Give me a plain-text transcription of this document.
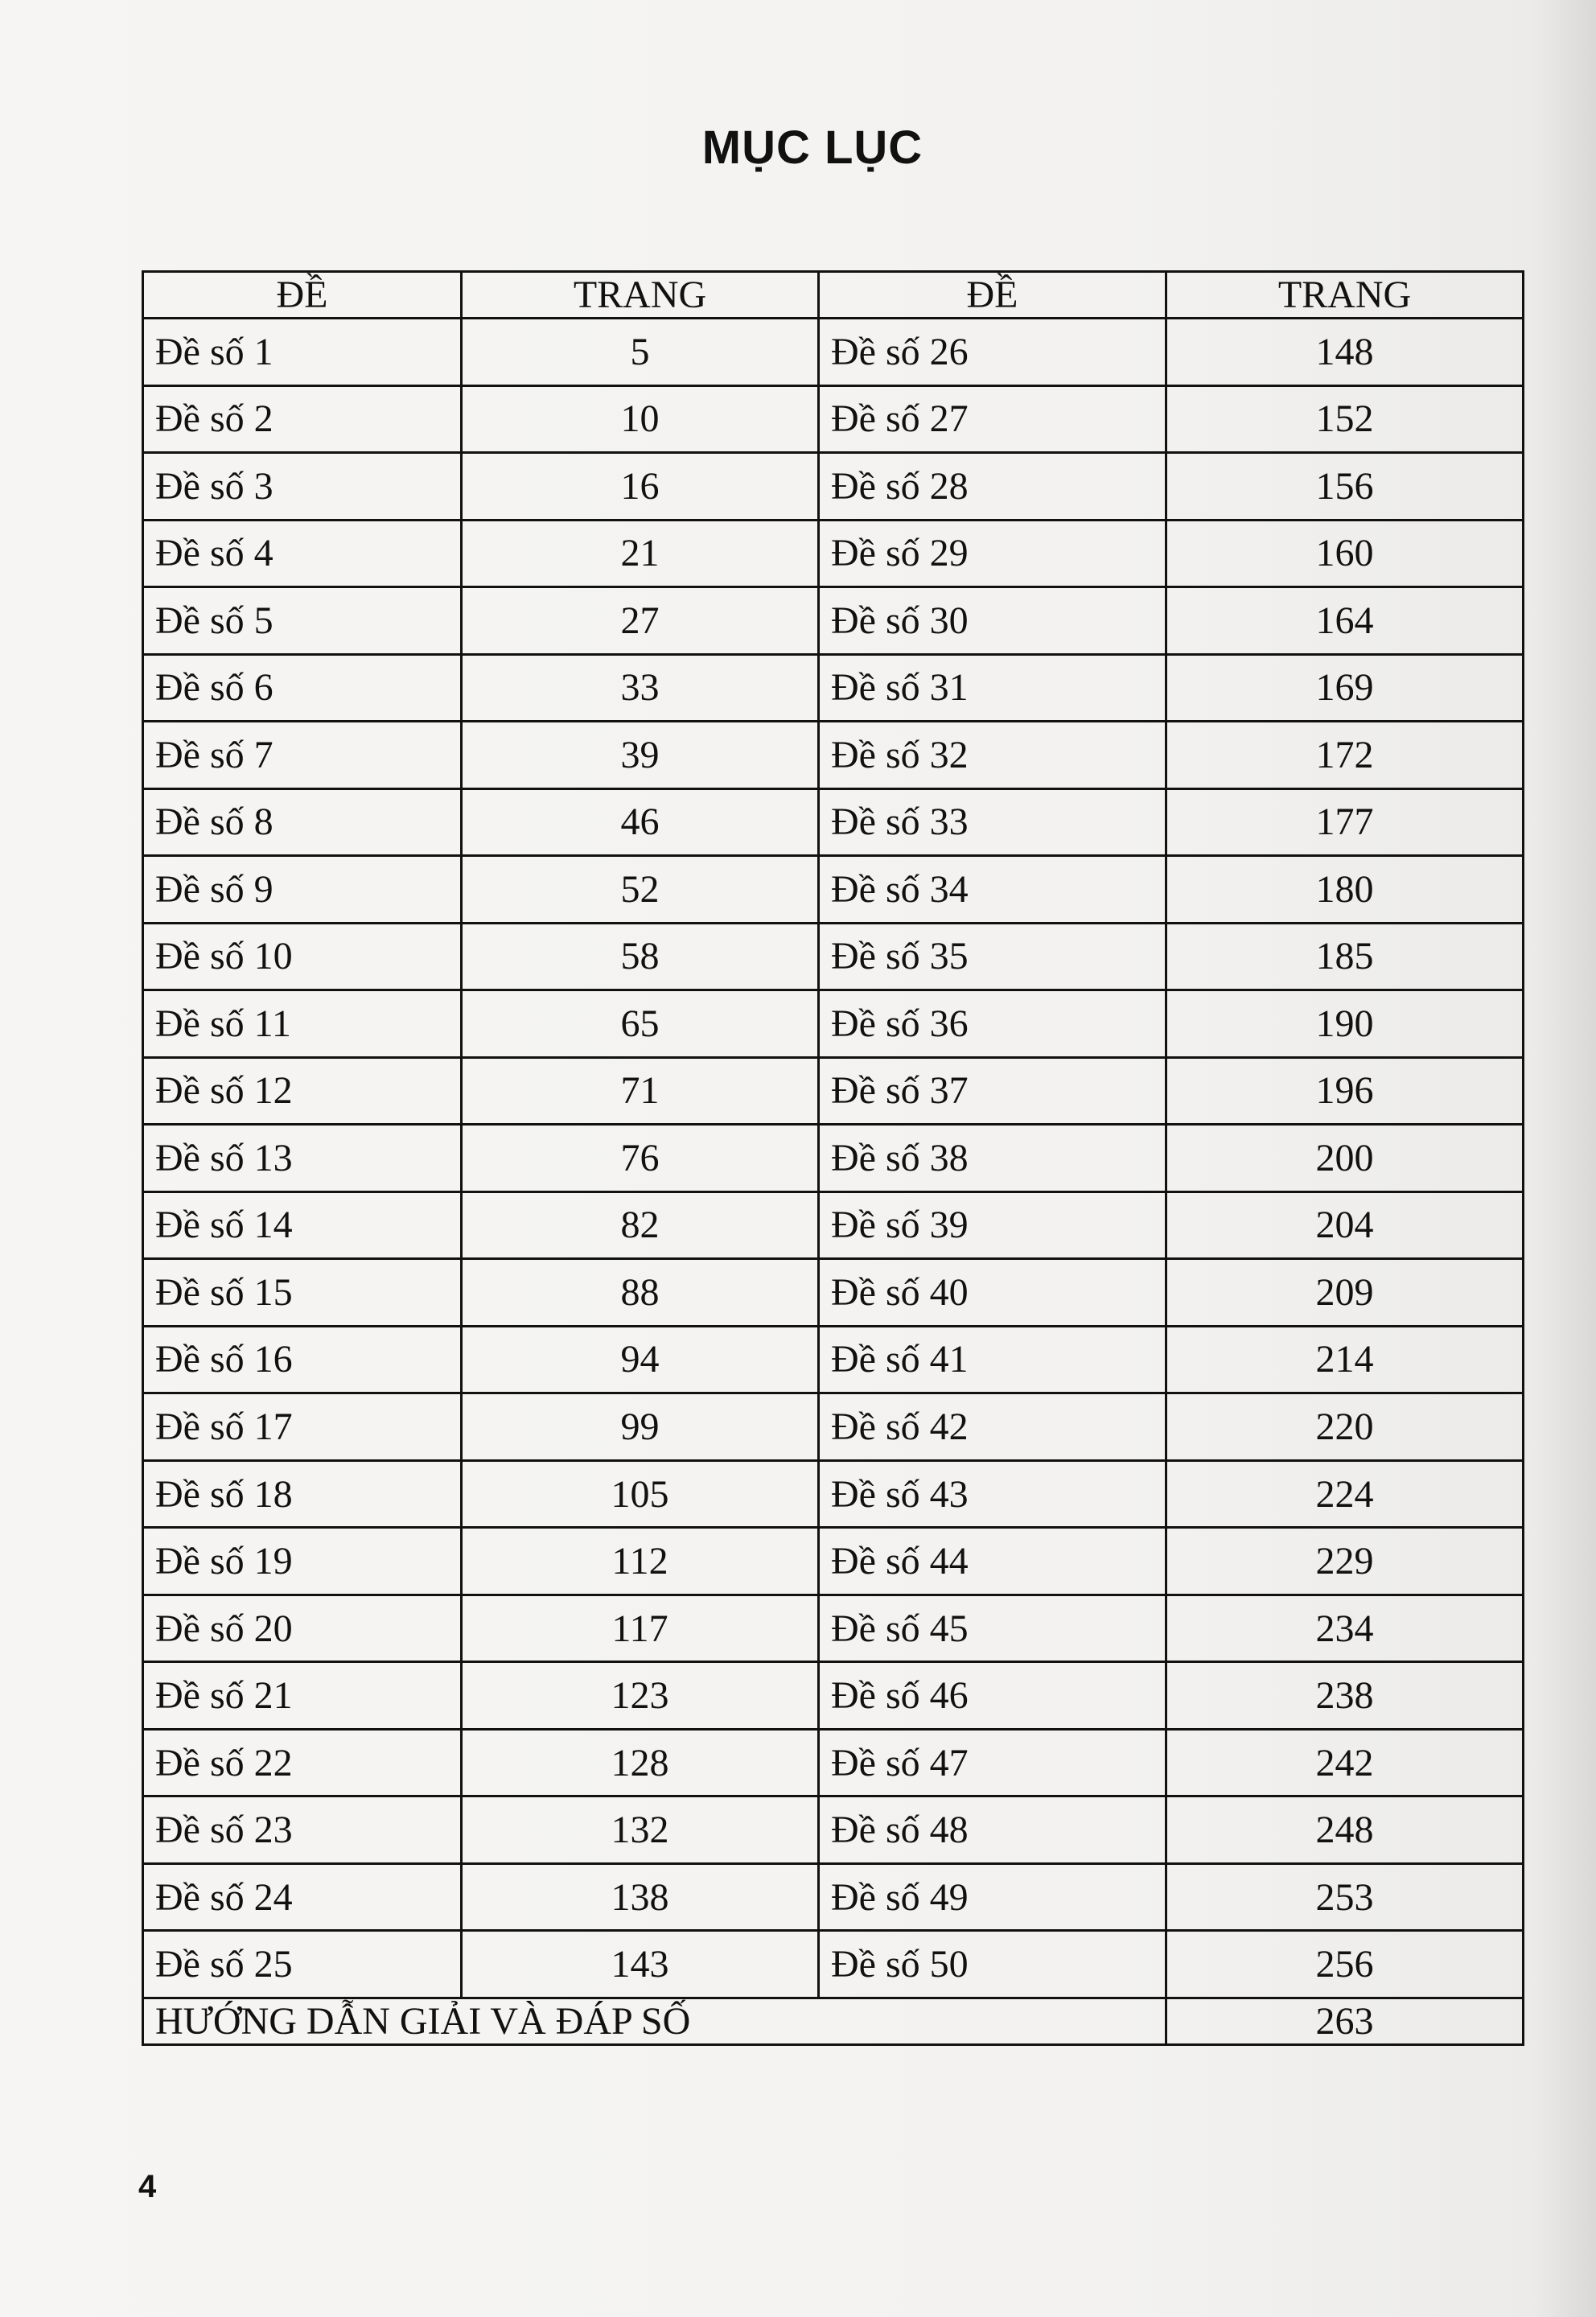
MỤC LỤC
ĐỀ	TRANG	ĐỀ	TRANG
Đề số 1	5	Đề số 26	148
Đề số 2	10	Đề số 27	152
Đề số 3	16	Đề số 28	156
Đề số 4	21	Đề số 29	160
Đề số 5	27	Đề số 30	164
Đề số 6	33	Đề số 31	169
Đề số 7	39	Đề số 32	172
Đề số 8	46	Đề số 33	177
Đề số 9	52	Đề số 34	180
Đề số 10	58	Đề số 35	185
Đề số 11	65	Đề số 36	190
Đề số 12	71	Đề số 37	196
Đề số 13	76	Đề số 38	200
Đề số 14	82	Đề số 39	204
Đề số 15	88	Đề số 40	209
Đề số 16	94	Đề số 41	214
Đề số 17	99	Đề số 42	220
Đề số 18	105	Đề số 43	224
Đề số 19	112	Đề số 44	229
Đề số 20	117	Đề số 45	234
Đề số 21	123	Đề số 46	238
Đề số 22	128	Đề số 47	242
Đề số 23	132	Đề số 48	248
Đề số 24	138	Đề số 49	253
Đề số 25	143	Đề số 50	256
HƯỚNG DẪN GIẢI VÀ ĐÁP SỐ			263
4
